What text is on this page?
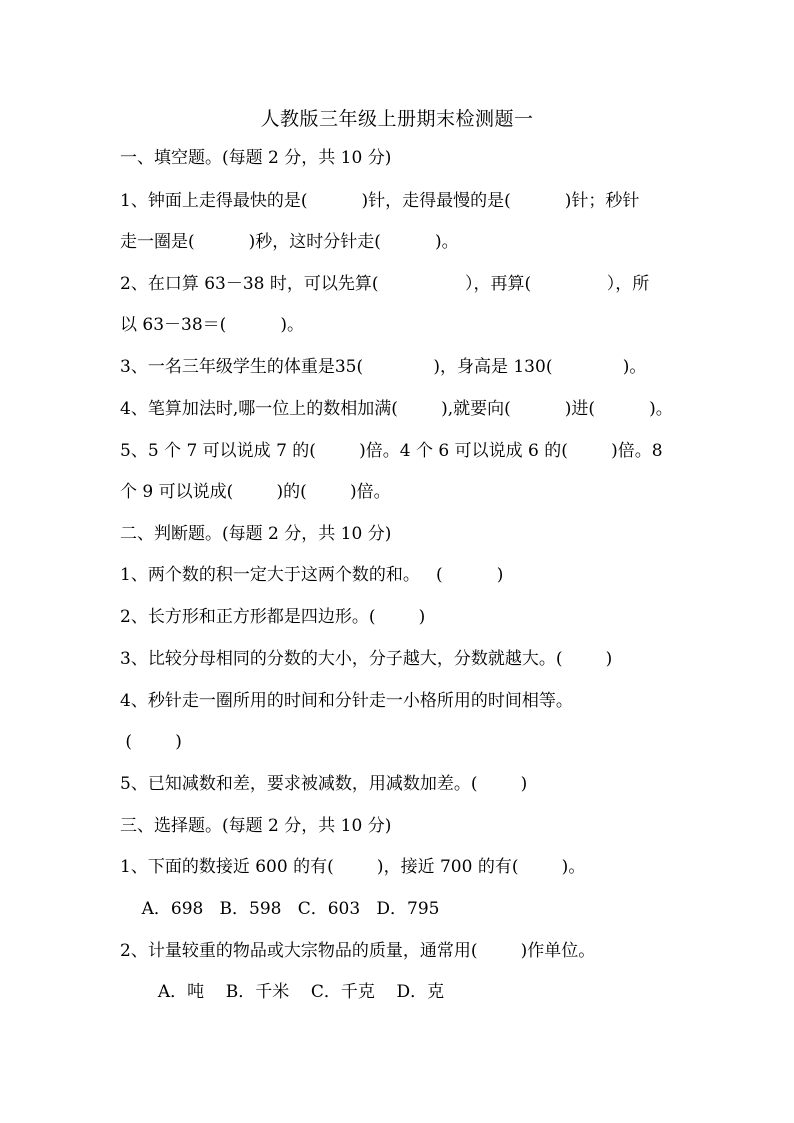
人教版三年级上册期末检测题一
一、填空题。(每题 2 分，共 10 分)
1、钟面上走得最快的是(          )针，走得最慢的是(          )针；秒针
走一圈是(          )秒，这时分针走(          )。
2、在口算 63－38 时，可以先算(                ），再算(              ），所
以 63－38＝(          )。
3、一名三年级学生的体重是35(             )，身高是 130(             )。
4、笔算加法时,哪一位上的数相加满(        ),就要向(          )进(          )。
5、5 个 7 可以说成 7 的(        )倍。4 个 6 可以说成 6 的(        )倍。8
个 9 可以说成(        )的(        )倍。
二、判断题。(每题 2 分，共 10 分)
1、两个数的积一定大于这两个数的和。   (          )
2、长方形和正方形都是四边形。(        )
3、比较分母相同的分数的大小，分子越大，分数就越大。(        )
4、秒针走一圈所用的时间和分针走一小格所用的时间相等。
(        )
5、已知减数和差，要求被减数，用减数加差。(        )
三、选择题。(每题 2 分，共 10 分)
1、下面的数接近 600 的有(        )，接近 700 的有(        )。
A．698   B．598   C．603   D．795
2、计量较重的物品或大宗物品的质量，通常用(        )作单位。
A．吨    B．千米    C．千克    D．克
